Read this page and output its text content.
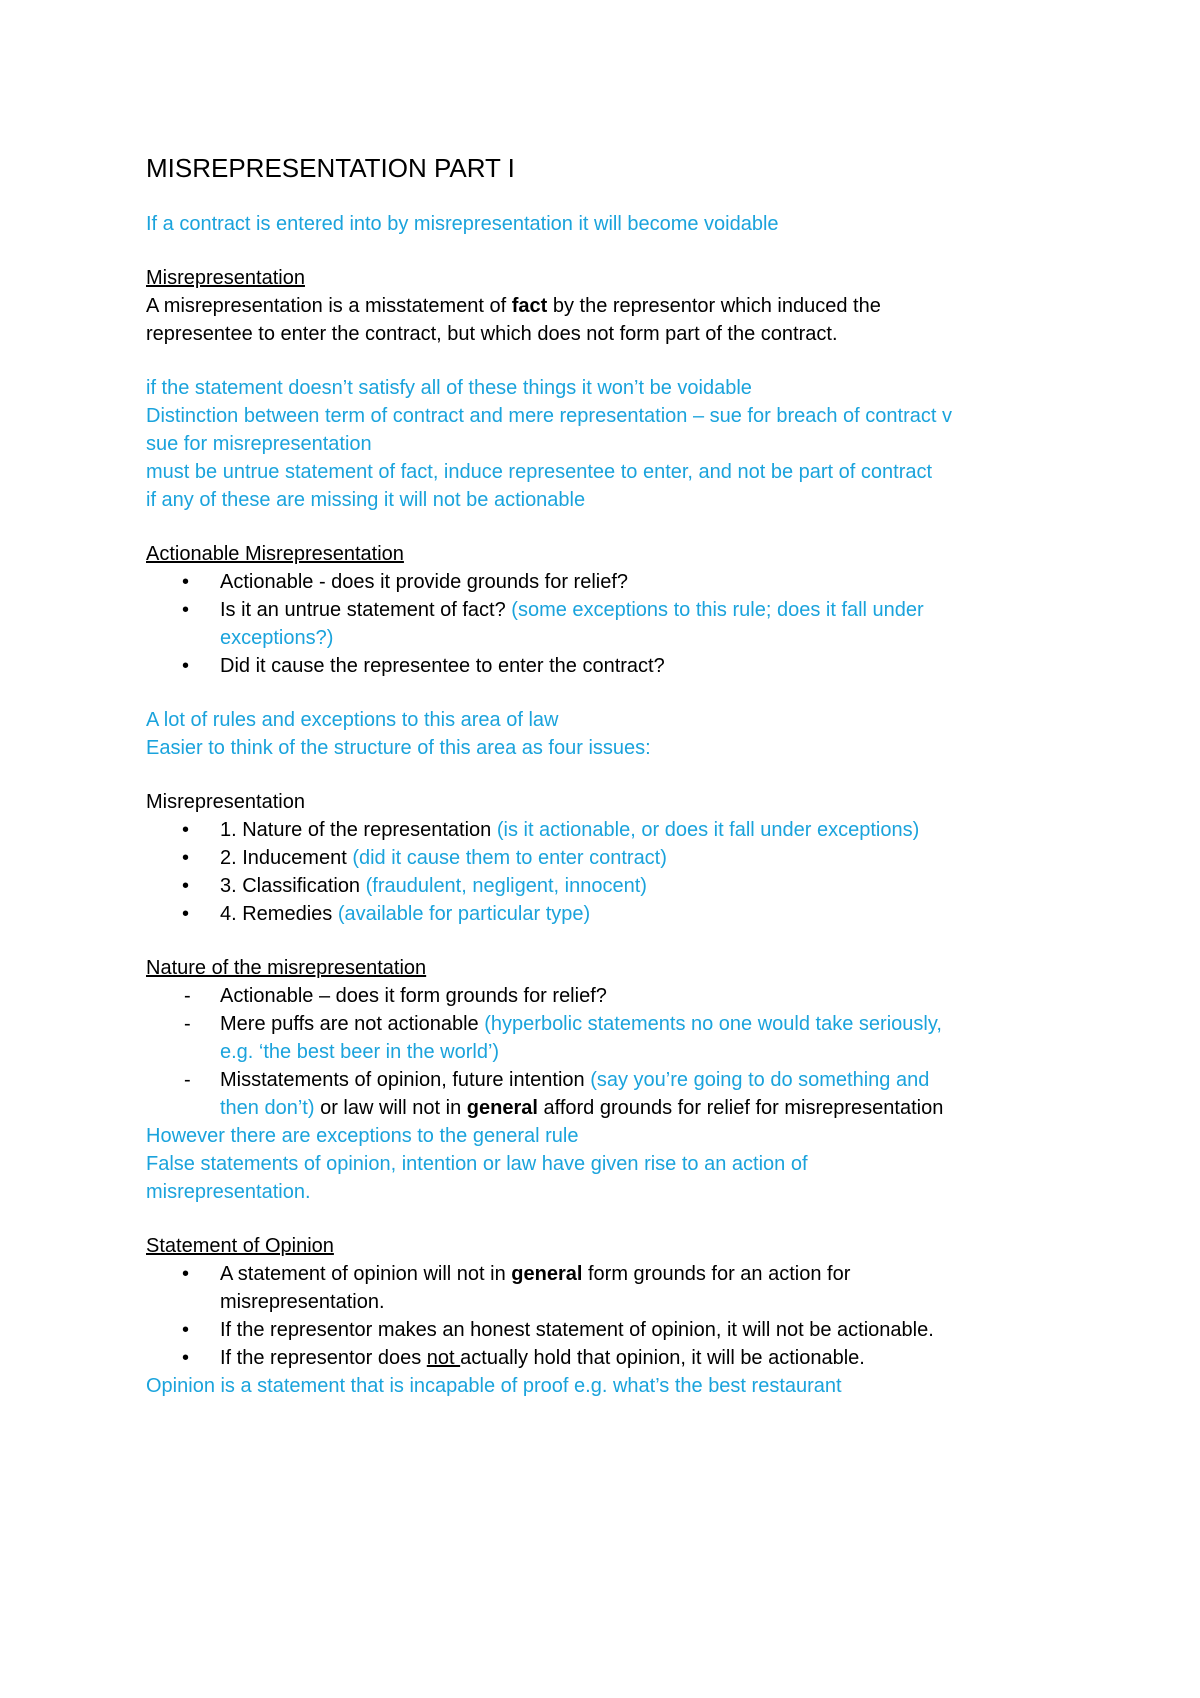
MISREPRESENTATION PART I
If a contract is entered into by misrepresentation it will become voidable
Misrepresentation
A misrepresentation is a misstatement of fact by the representor which induced the
representee to enter the contract, but which does not form part of the contract.
if the statement doesn’t satisfy all of these things it won’t be voidable
Distinction between term of contract and mere representation – sue for breach of contract v
sue for misrepresentation
must be untrue statement of fact, induce representee to enter, and not be part of contract
if any of these are missing it will not be actionable
Actionable Misrepresentation
• Actionable - does it provide grounds for relief?
• Is it an untrue statement of fact? (some exceptions to this rule; does it fall under
exceptions?)
• Did it cause the representee to enter the contract?
A lot of rules and exceptions to this area of law
Easier to think of the structure of this area as four issues:
Misrepresentation
• 1. Nature of the representation (is it actionable, or does it fall under exceptions)
• 2. Inducement (did it cause them to enter contract)
• 3. Classification (fraudulent, negligent, innocent)
• 4. Remedies (available for particular type)
Nature of the misrepresentation
- Actionable – does it form grounds for relief?
- Mere puffs are not actionable (hyperbolic statements no one would take seriously,
e.g. ‘the best beer in the world’)
- Misstatements of opinion, future intention (say you’re going to do something and
then don’t) or law will not in general afford grounds for relief for misrepresentation
However there are exceptions to the general rule
False statements of opinion, intention or law have given rise to an action of
misrepresentation.
Statement of Opinion
• A statement of opinion will not in general form grounds for an action for
misrepresentation.
• If the representor makes an honest statement of opinion, it will not be actionable.
• If the representor does not actually hold that opinion, it will be actionable.
Opinion is a statement that is incapable of proof e.g. what’s the best restaurant
